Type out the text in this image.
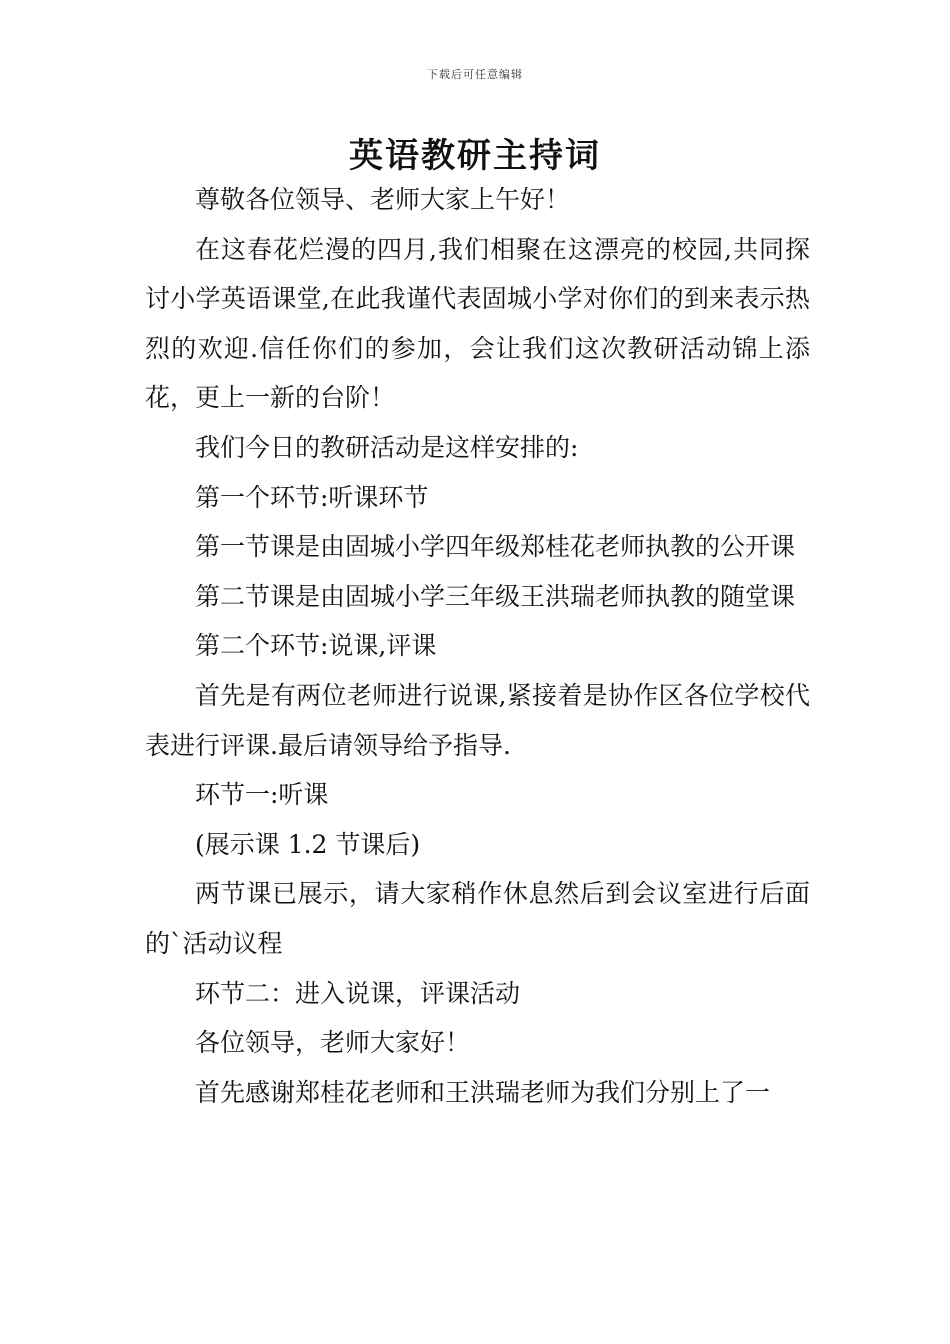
下载后可任意编辑
英语教研主持词

尊敬各位领导、老师大家上午好！

在这春花烂漫的四月,我们相聚在这漂亮的校园,共同探讨小学英语课堂,在此我谨代表固城小学对你们的到来表示热烈的欢迎.信任你们的参加，会让我们这次教研活动锦上添花，更上一新的台阶！

我们今日的教研活动是这样安排的:

第一个环节:听课环节

第一节课是由固城小学四年级郑桂花老师执教的公开课

第二节课是由固城小学三年级王洪瑞老师执教的随堂课

第二个环节:说课,评课

首先是有两位老师进行说课,紧接着是协作区各位学校代表进行评课.最后请领导给予指导.

环节一:听课

(展示课 1.2 节课后)

两节课已展示，请大家稍作休息然后到会议室进行后面的`活动议程

环节二：进入说课，评课活动

各位领导，老师大家好！

首先感谢郑桂花老师和王洪瑞老师为我们分别上了一
